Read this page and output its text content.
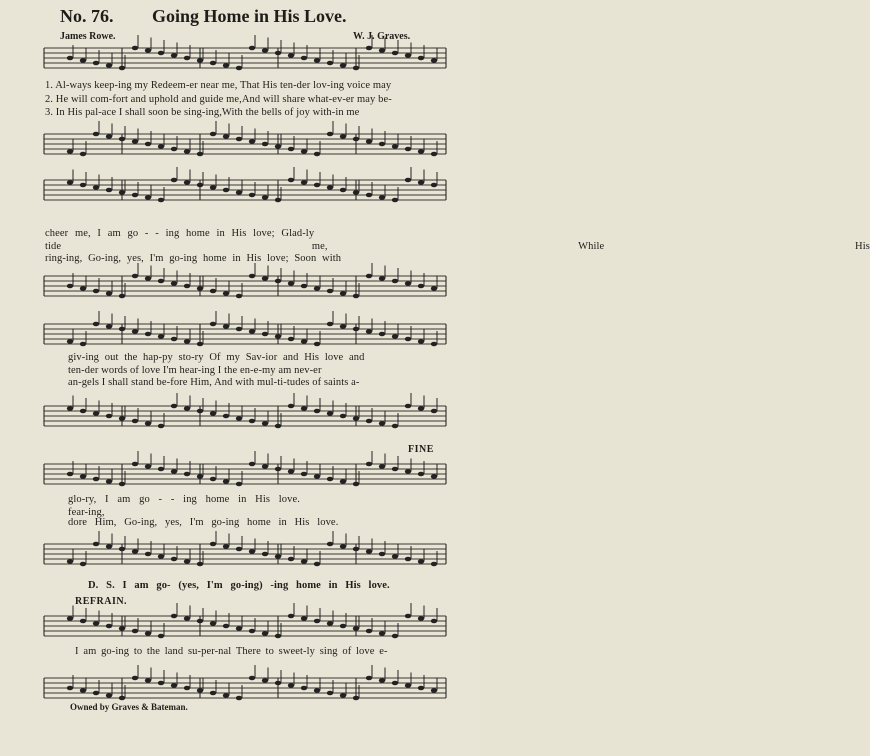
No. 76. Going Home in His Love.
James Rowe.	W. J. Graves.
1. Al-ways keep-ing my Redeem-er near me, That His ten-der lov-ing voice may
2. He will com-fort and uphold and guide me,And will share what-ev-er may be-
3. In His pal-ace I shall soon be sing-ing,With the bells of joy with-in me
cheer me, I am go - - ing home in His love; Glad-ly
tide me, While His
ring-ing, Go-ing, yes, I'm go-ing home in His love; Soon with
giv-ing out the hap-py sto-ry Of my Sav-ior and His love and
ten-der words of love I'm hear-ing I the en-e-my am nev-er
an-gels I shall stand be-fore Him, And with mul-ti-tudes of saints a-
FINE
glo-ry, I am go - - ing home in His love.
fear-ing,
dore Him, Go-ing, yes, I'm go-ing home in His love.
D. S. I am go- (yes, I'm go-ing) -ing home in His love.
REFRAIN.
I am go-ing to the land su-per-nal There to sweet-ly sing of love e-
Owned by Graves & Bateman.
